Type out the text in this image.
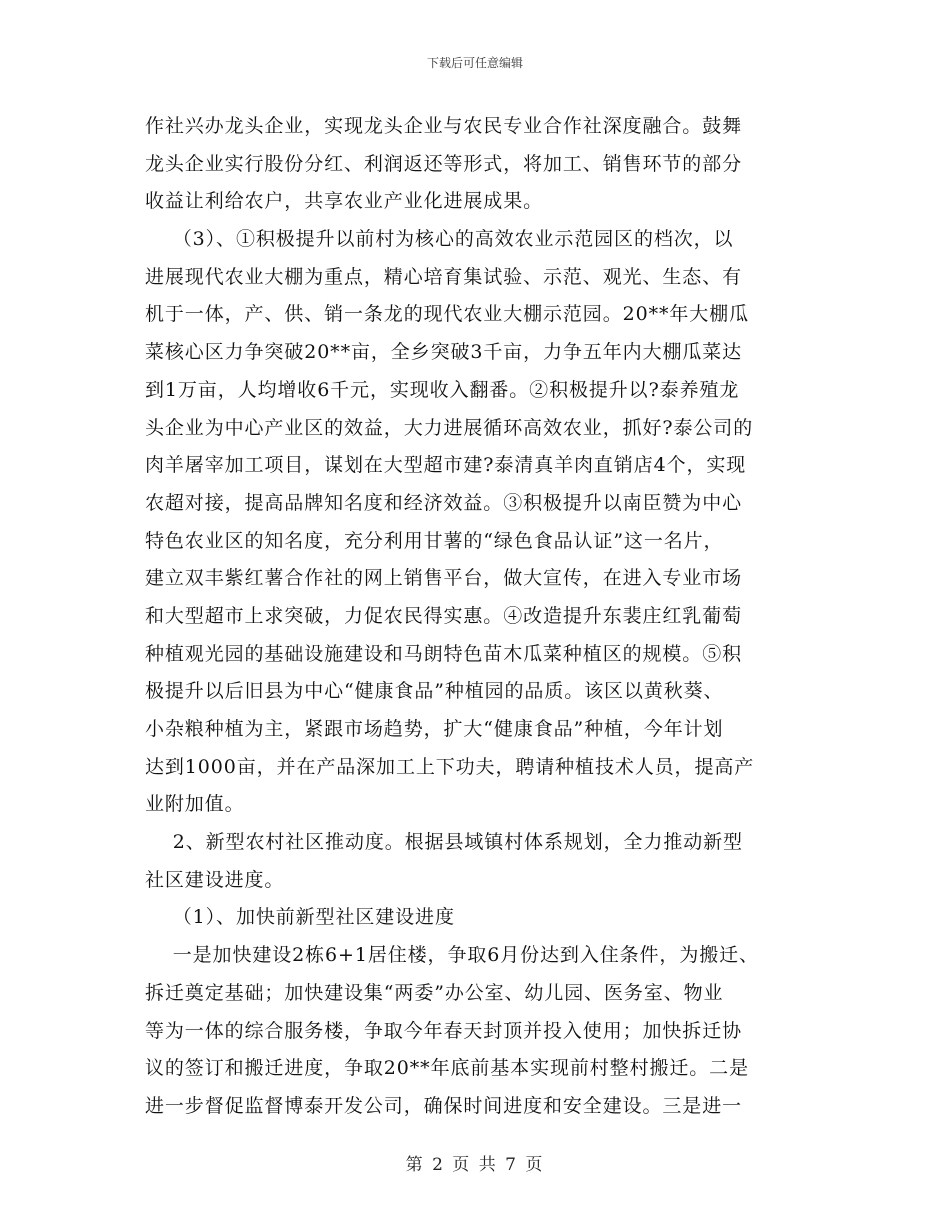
下载后可任意编辑
作社兴办龙头企业，实现龙头企业与农民专业合作社深度融合。鼓舞
龙头企业实行股份分红、利润返还等形式，将加工、销售环节的部分
收益让利给农户，共享农业产业化进展成果。
（3）、①积极提升以前村为核心的高效农业示范园区的档次，以
进展现代农业大棚为重点，精心培育集试验、示范、观光、生态、有
机于一体，产、供、销一条龙的现代农业大棚示范园。20**年大棚瓜
菜核心区力争突破20**亩，全乡突破3千亩，力争五年内大棚瓜菜达
到1万亩，人均增收6千元，实现收入翻番。②积极提升以?泰养殖龙
头企业为中心产业区的效益，大力进展循环高效农业，抓好?泰公司的
肉羊屠宰加工项目，谋划在大型超市建?泰清真羊肉直销店4个，实现
农超对接，提高品牌知名度和经济效益。③积极提升以南臣赞为中心
特色农业区的知名度，充分利用甘薯的“绿色食品认证”这一名片，
建立双丰紫红薯合作社的网上销售平台，做大宣传，在进入专业市场
和大型超市上求突破，力促农民得实惠。④改造提升东裴庄红乳葡萄
种植观光园的基础设施建设和马朗特色苗木瓜菜种植区的规模。⑤积
极提升以后旧县为中心“健康食品”种植园的品质。该区以黄秋葵、
小杂粮种植为主，紧跟市场趋势，扩大“健康食品”种植，今年计划
达到1000亩，并在产品深加工上下功夫，聘请种植技术人员，提高产
业附加值。
2、新型农村社区推动度。根据县域镇村体系规划，全力推动新型
社区建设进度。
（1）、加快前新型社区建设进度
一是加快建设2栋6+1居住楼，争取6月份达到入住条件，为搬迁、
拆迁奠定基础；加快建设集“两委”办公室、幼儿园、医务室、物业
等为一体的综合服务楼，争取今年春天封顶并投入使用；加快拆迁协
议的签订和搬迁进度，争取20**年底前基本实现前村整村搬迁。二是
进一步督促监督博泰开发公司，确保时间进度和安全建设。三是进一
第 2 页 共 7 页
